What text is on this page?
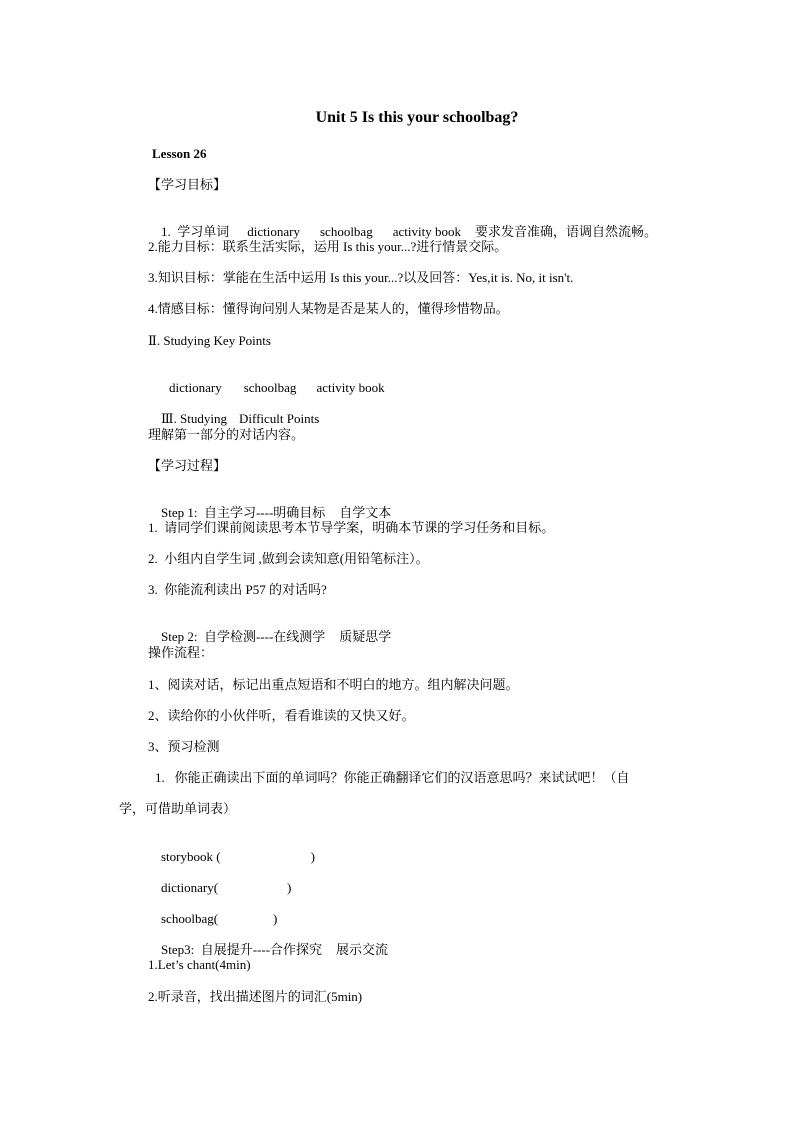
Unit 5 Is this your schoolbag?
Lesson 26
【学习目标】

1.  学习单词 dictionary schoolbag activity book 要求发音准确，语调自然流畅。

2.能力目标：联系生活实际，运用 Is this your...?进行情景交际。
3.知识目标：掌能在生活中运用 Is this your...?以及回答：Yes,it is. No, it isn't.
4.情感目标：懂得询问别人某物是否是某人的，懂得珍惜物品。
Ⅱ. Studying Key Points

dictionary schoolbag activity book

Ⅲ. Studying Difficult Points

理解第一部分的对话内容。
【学习过程】

Step 1:  自主学习----明确目标 自学文本

1.  请同学们课前阅读思考本节导学案，明确本节课的学习任务和目标。
2.  小组内自学生词 ,做到会读知意(用铅笔标注）。
3.  你能流利读出 P57 的对话吗?

Step 2:  自学检测----在线测学 质疑思学

操作流程：
1、阅读对话，标记出重点短语和不明白的地方。组内解决问题。
2、读给你的小伙伴听，看看谁读的又快又好。
3、预习检测
1.   你能正确读出下面的单词吗？你能正确翻译它们的汉语意思吗？来试试吧！（自
学，可借助单词表）

storybook (	)

dictionary(	)

schoolbag(	)

Step3:  自展提升----合作探究 展示交流

1.Let’s chant(4min)
2.听录音，找出描述图片的词汇(5min)
